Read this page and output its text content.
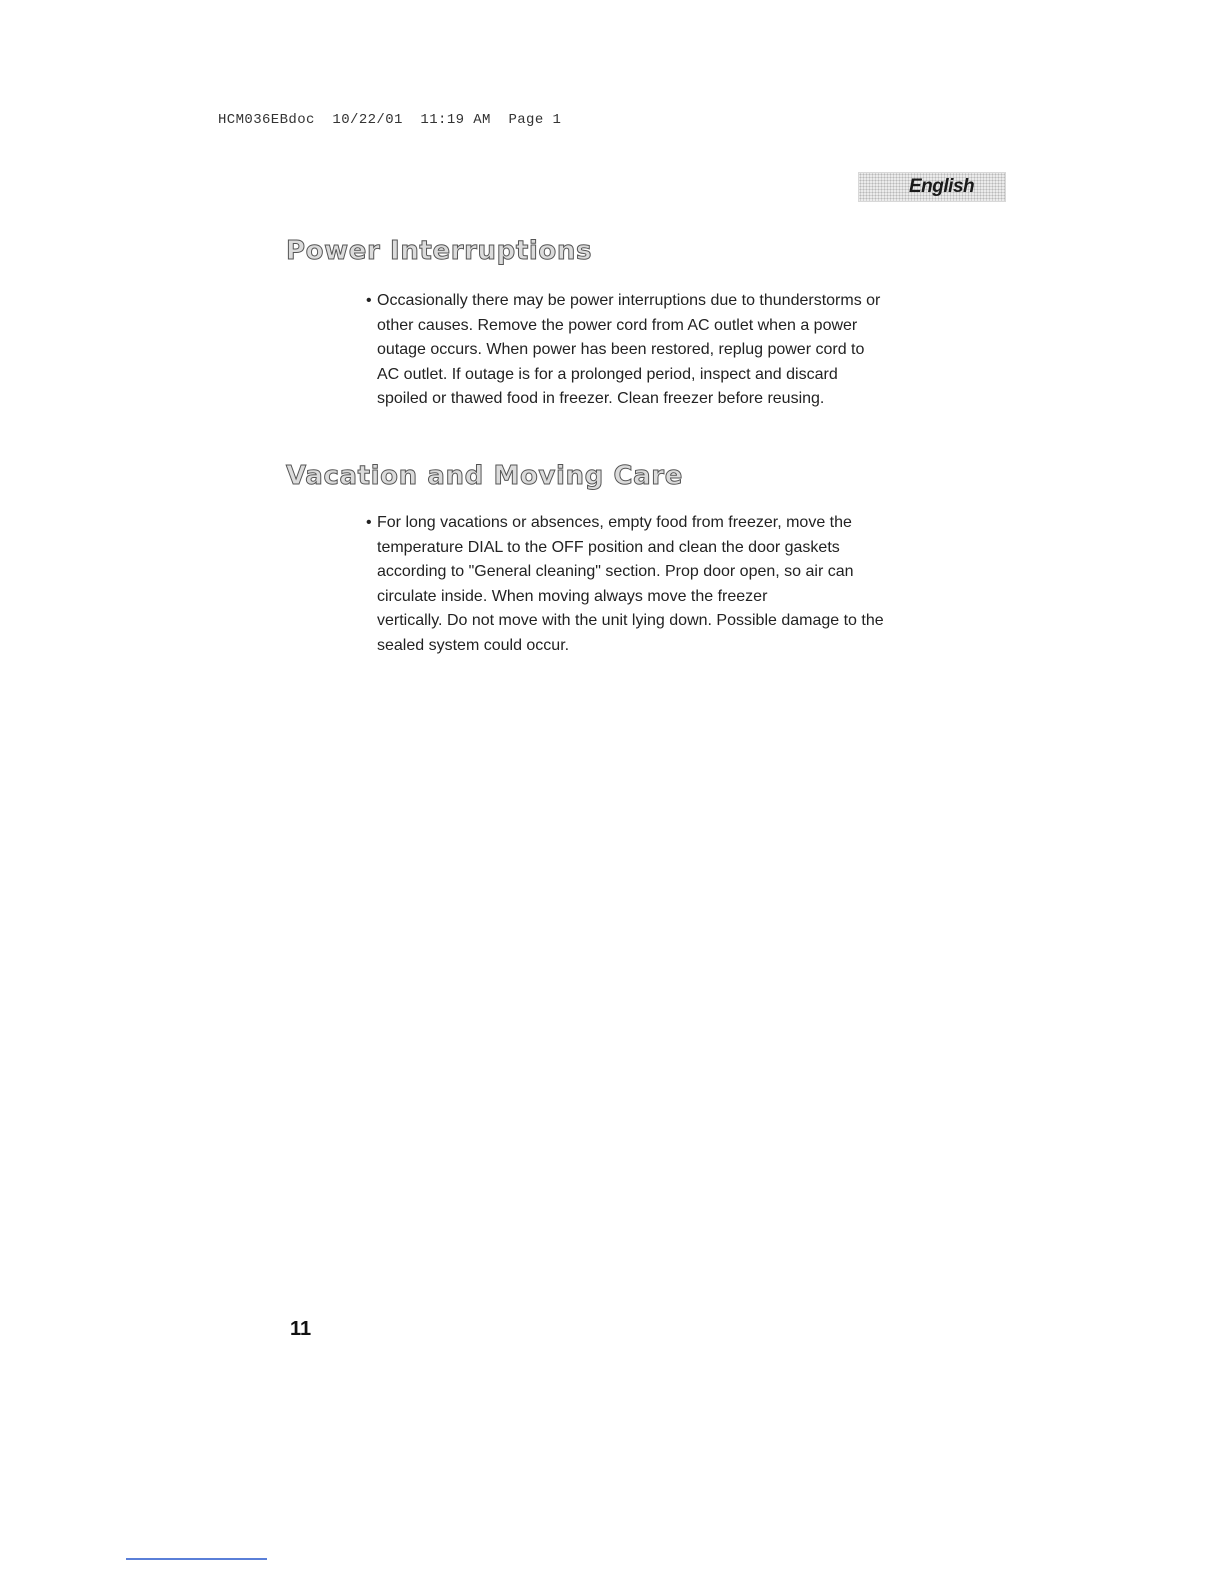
HCM036EBdoc  10/22/01  11:19 AM  Page 1
English
Power Interruptions
• Occasionally there may be power interruptions due to thunderstorms or
other causes. Remove the power cord from AC outlet when a power
outage occurs. When power has been restored, replug power cord to
AC outlet. If outage is for a prolonged period, inspect and discard
spoiled or thawed food in freezer. Clean freezer before reusing.
Vacation and Moving Care
• For long vacations or absences, empty food from freezer, move the
temperature DIAL to the OFF position and clean the door gaskets
according to "General cleaning" section. Prop door open, so air can
circulate inside. When moving always move the freezer
vertically. Do not move with the unit lying down. Possible damage to the
sealed system could occur.
11
